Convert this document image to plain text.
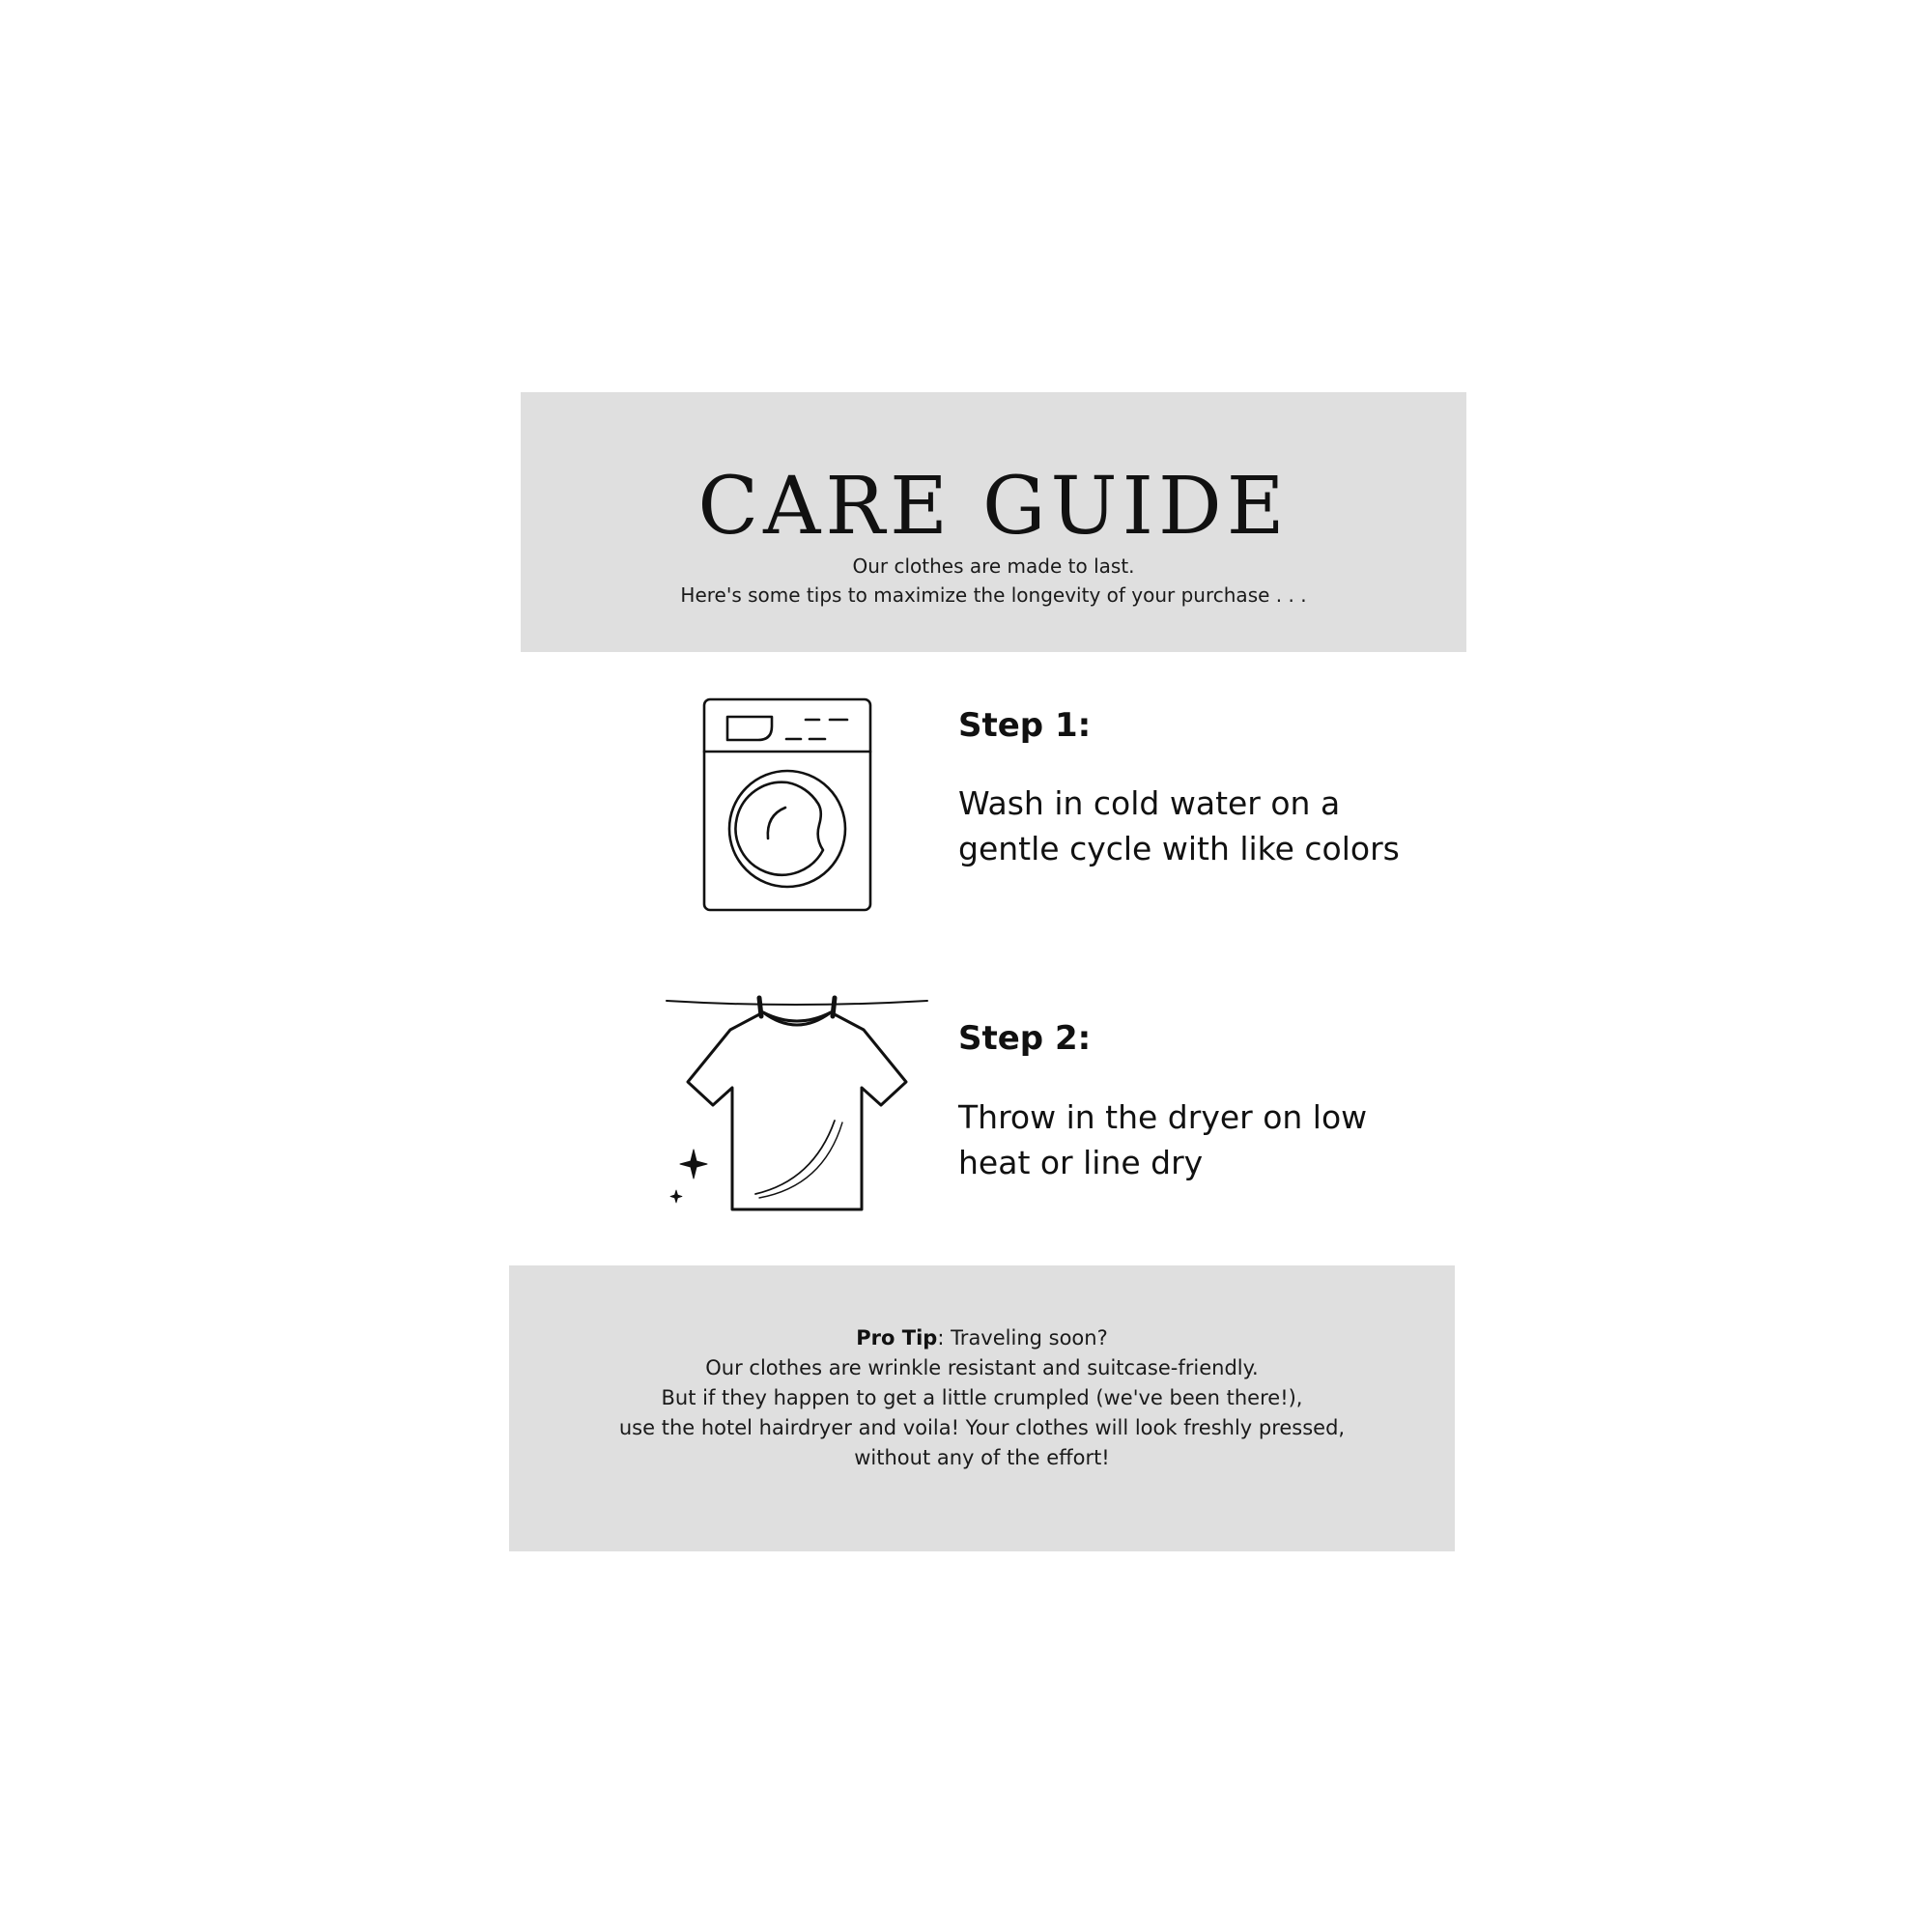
CARE GUIDE
Our clothes are made to last.
Here's some tips to maximize the longevity of your purchase . . .
Step 1:
Wash in cold water on a
gentle cycle with like colors
Step 2:
Throw in the dryer on low
heat or line dry
Pro Tip: Traveling soon?
Our clothes are wrinkle resistant and suitcase-friendly.
But if they happen to get a little crumpled (we've been there!),
use the hotel hairdryer and voila! Your clothes will look freshly pressed,
without any of the effort!
